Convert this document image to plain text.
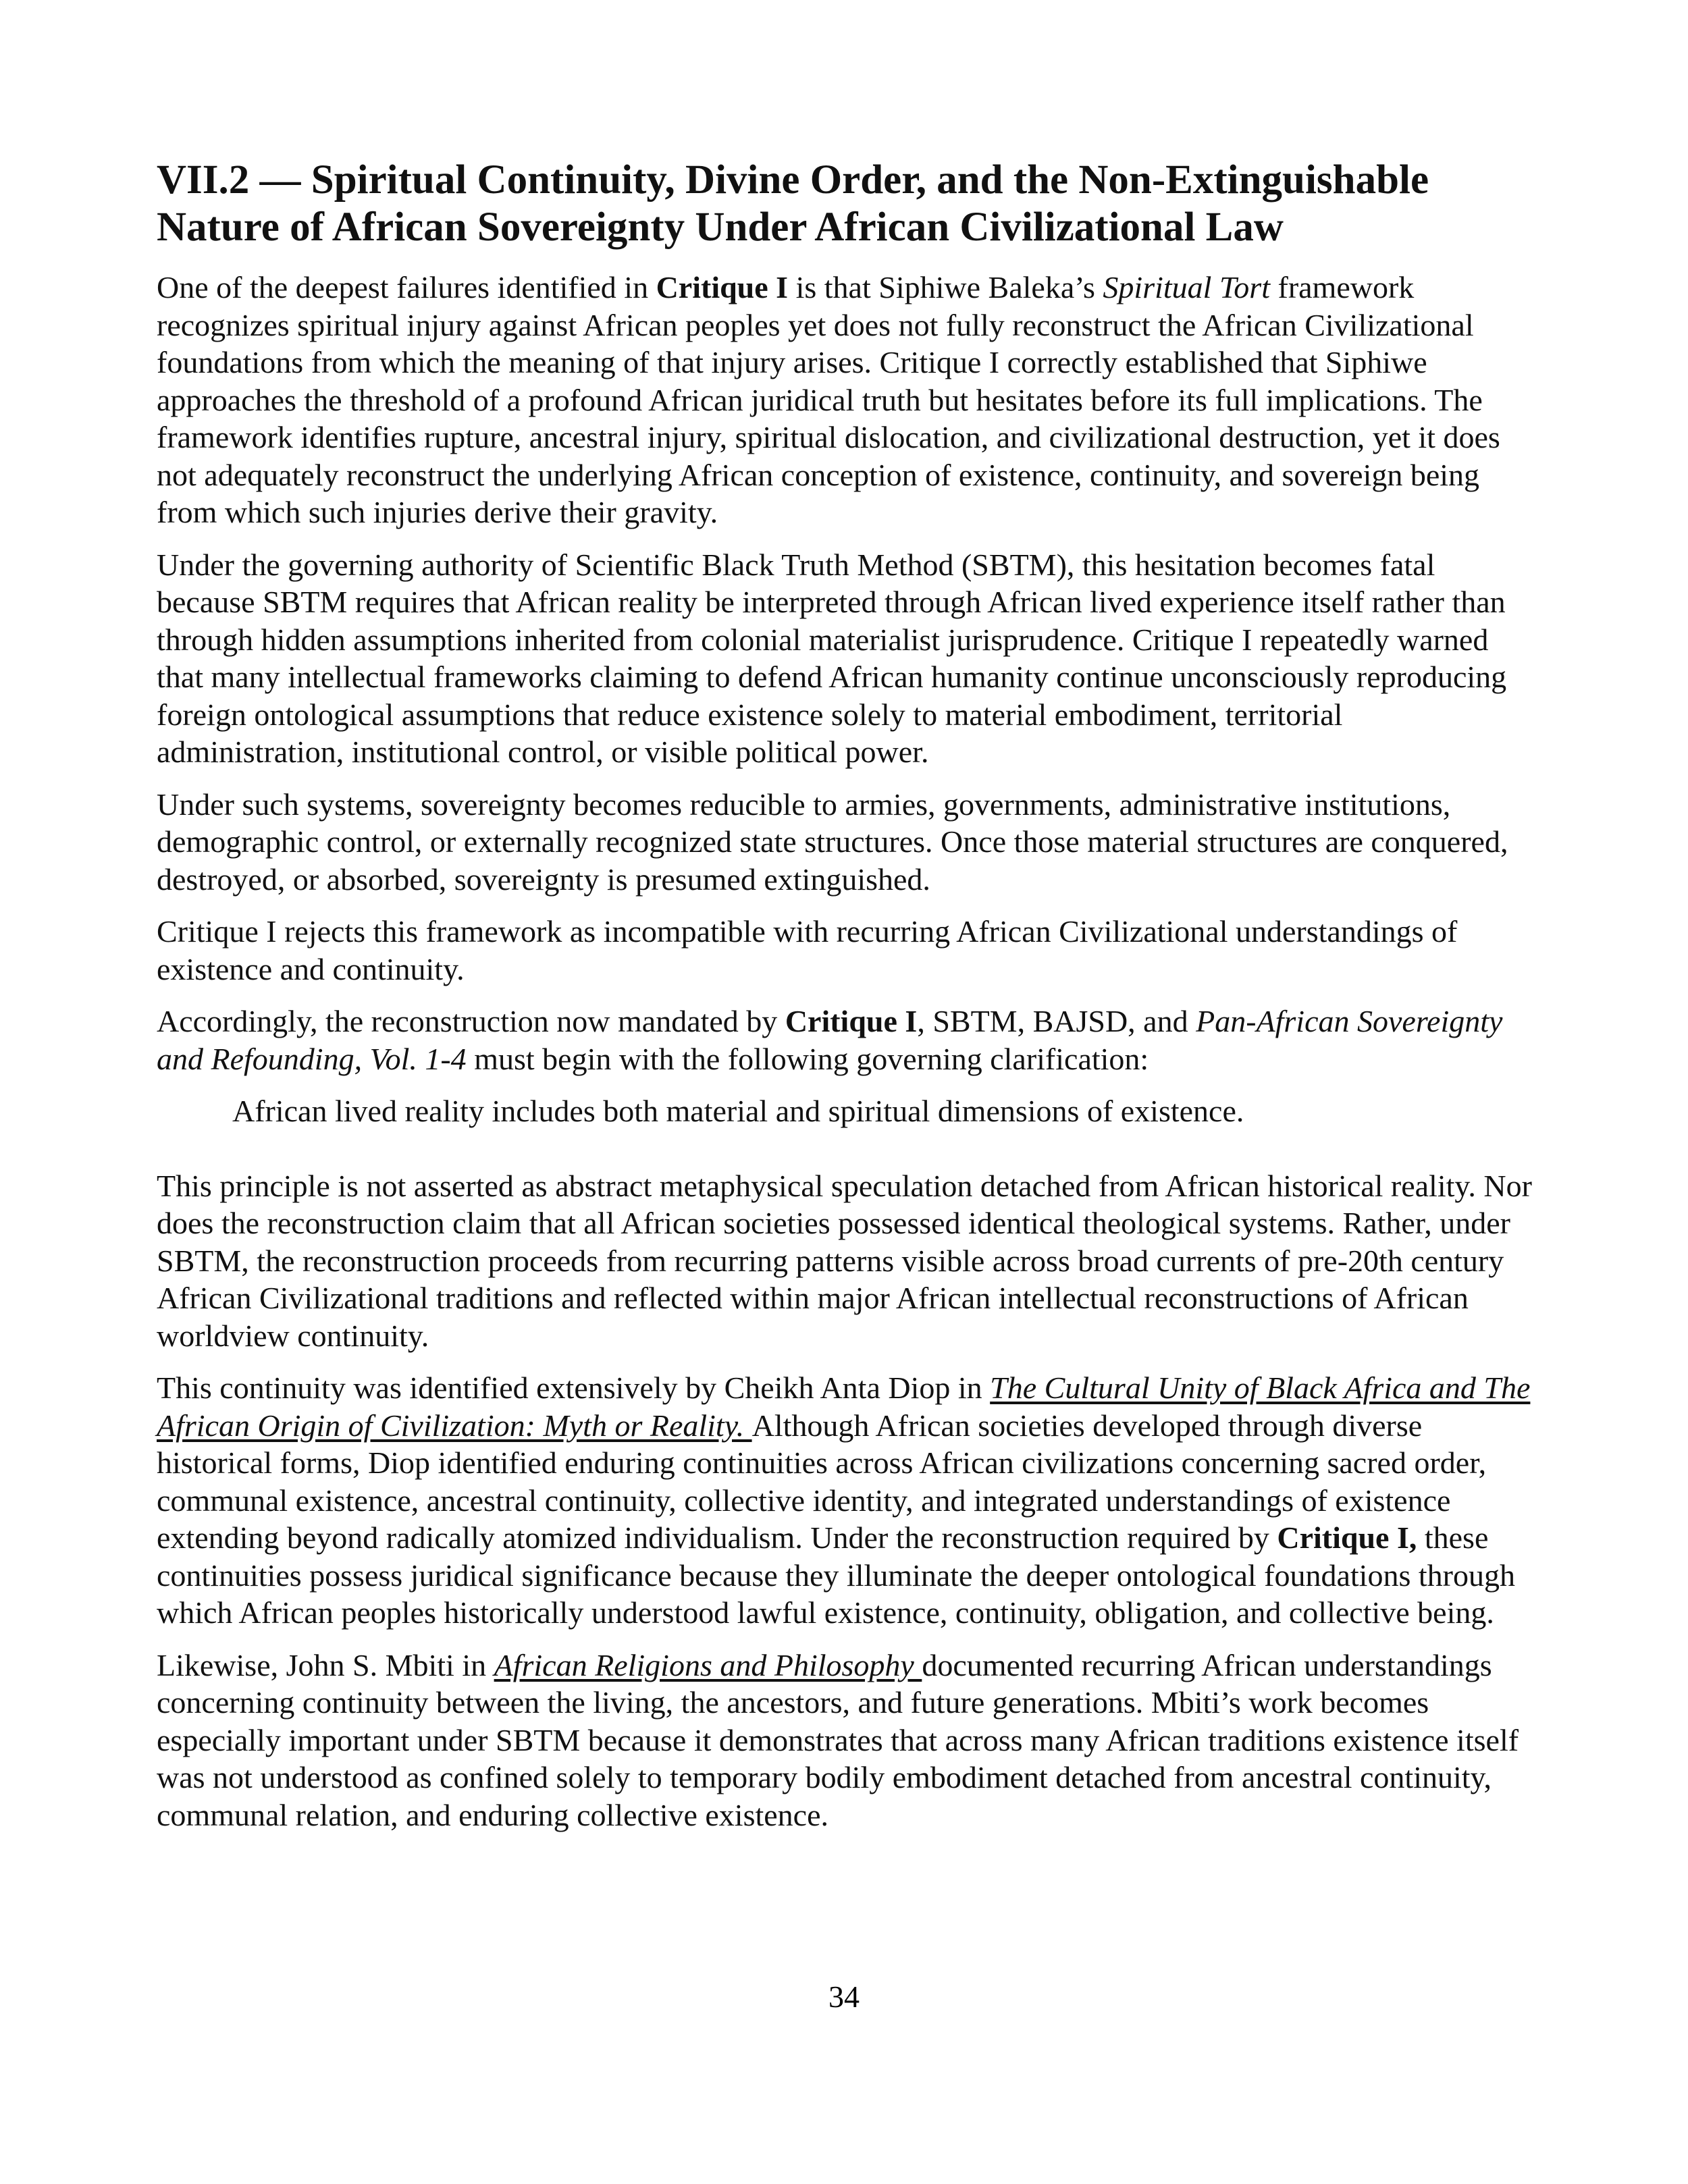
VII.2 — Spiritual Continuity, Divine Order, and the Non-Extinguishable
Nature of African Sovereignty Under African Civilizational Law

One of the deepest failures identified in Critique I is that Siphiwe Baleka’s Spiritual Tort framework recognizes spiritual injury against African peoples yet does not fully reconstruct the African Civilizational foundations from which the meaning of that injury arises. Critique I correctly established that Siphiwe approaches the threshold of a profound African juridical truth but hesitates before its full implications. The framework identifies rupture, ancestral injury, spiritual dislocation, and civilizational destruction, yet it does not adequately reconstruct the underlying African conception of existence, continuity, and sovereign being from which such injuries derive their gravity.

Under the governing authority of Scientific Black Truth Method (SBTM), this hesitation becomes fatal because SBTM requires that African reality be interpreted through African lived experience itself rather than through hidden assumptions inherited from colonial materialist jurisprudence. Critique I repeatedly warned that many intellectual frameworks claiming to defend African humanity continue unconsciously reproducing foreign ontological assumptions that reduce existence solely to material embodiment, territorial administration, institutional control, or visible political power.

Under such systems, sovereignty becomes reducible to armies, governments, administrative institutions, demographic control, or externally recognized state structures. Once those material structures are conquered, destroyed, or absorbed, sovereignty is presumed extinguished.

Critique I rejects this framework as incompatible with recurring African Civilizational understandings of existence and continuity.

Accordingly, the reconstruction now mandated by Critique I, SBTM, BAJSD, and Pan-African Sovereignty and Refounding, Vol. 1-4 must begin with the following governing clarification:

African lived reality includes both material and spiritual dimensions of existence.

This principle is not asserted as abstract metaphysical speculation detached from African historical reality. Nor does the reconstruction claim that all African societies possessed identical theological systems. Rather, under SBTM, the reconstruction proceeds from recurring patterns visible across broad currents of pre-20th century African Civilizational traditions and reflected within major African intellectual reconstructions of African worldview continuity.

This continuity was identified extensively by Cheikh Anta Diop in The Cultural Unity of Black Africa and The African Origin of Civilization: Myth or Reality. Although African societies developed through diverse historical forms, Diop identified enduring continuities across African civilizations concerning sacred order, communal existence, ancestral continuity, collective identity, and integrated understandings of existence extending beyond radically atomized individualism. Under the reconstruction required by Critique I, these continuities possess juridical significance because they illuminate the deeper ontological foundations through which African peoples historically understood lawful existence, continuity, obligation, and collective being.

Likewise, John S. Mbiti in African Religions and Philosophy documented recurring African understandings concerning continuity between the living, the ancestors, and future generations. Mbiti’s work becomes especially important under SBTM because it demonstrates that across many African traditions existence itself was not understood as confined solely to temporary bodily embodiment detached from ancestral continuity, communal relation, and enduring collective existence.

34
